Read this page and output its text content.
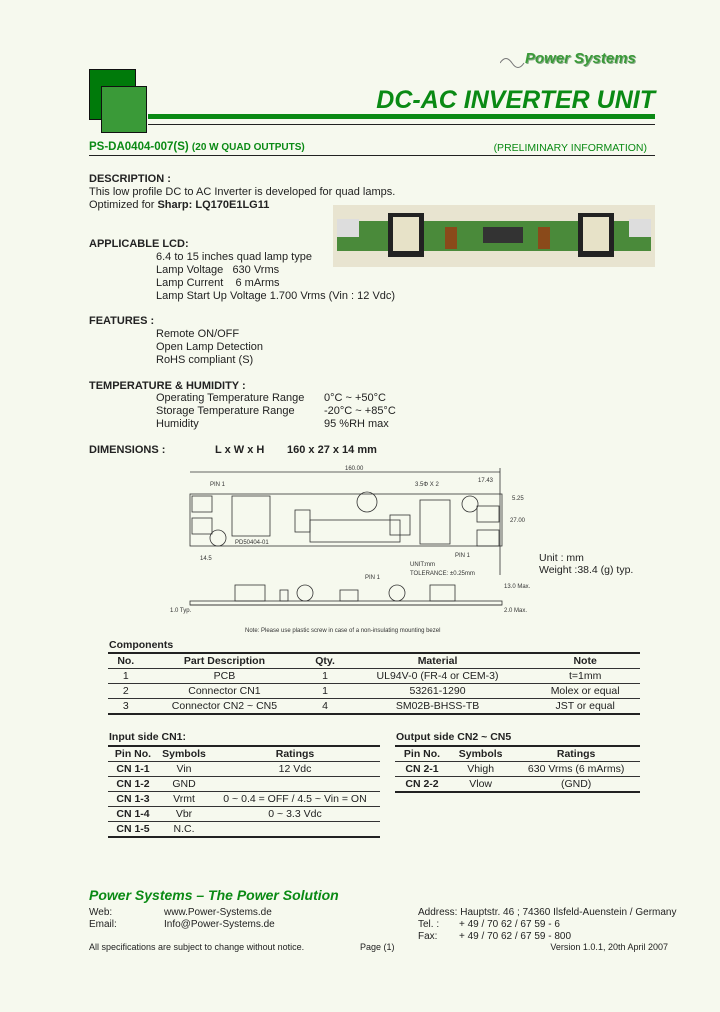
Power Systems
DC-AC INVERTER UNIT
PS-DA0404-007(S) (20 W QUAD OUTPUTS)	(PRELIMINARY INFORMATION)
DESCRIPTION :
This low profile DC to AC Inverter is developed for quad lamps.
Optimized for Sharp: LQ170E1LG11
APPLICABLE LCD:
6.4 to 15 inches quad lamp type
Lamp Voltage   630 Vrms
Lamp Current    6 mArms
Lamp Start Up Voltage 1.700 Vrms (Vin : 12 Vdc)
FEATURES :
Remote ON/OFF
Open Lamp Detection
RoHS compliant (S)
TEMPERATURE & HUMIDITY :
Operating Temperature Range 0°C ~ +50°C
Storage Temperature Range	-20°C ~ +85°C
Humidity	95 %RH max
DIMENSIONS :	L x W x H 160 x 27 x 14 mm
160.00
PIN 1	3.5Φ X 2
27.00
17.43
5.25
14.5
PD50404-01
PIN 1
PIN 1
UNIT:mm
TOLERANCE: ±0.25mm
13.0 Max.
2.0 Max.
1.0 Typ.
Note: Please use plastic screw in case of a non-insulating mounting bezel
Unit : mm
Weight :38.4 (g) typ.
Components
No.	Part Description	Qty.	Material	Note
1	PCB	1	UL94V-0 (FR-4 or CEM-3)	t=1mm
2	Connector CN1	1	53261-1290	Molex or equal
3	Connector CN2 ~ CN5	4	SM02B-BHSS-TB	JST or equal
Input side CN1:
Pin No.	Symbols	Ratings
CN 1-1	Vin	12 Vdc
CN 1-2	GND	
CN 1-3	Vrmt	0 ~ 0.4 = OFF / 4.5 ~ Vin = ON
CN 1-4	Vbr	0 ~ 3.3 Vdc
CN 1-5	N.C.	
Output side CN2 ~ CN5
Pin No.	Symbols	Ratings
CN 2-1	Vhigh	630 Vrms (6 mArms)
CN 2-2	Vlow	(GND)
Power Systems – The Power Solution
Web:	www.Power-Systems.de
Email:	Info@Power-Systems.de
Address: Hauptstr. 46 ; 74360 Ilsfeld-Auenstein / Germany
Tel. : + 49 / 70 62 / 67 59 - 6
Fax: + 49 / 70 62 / 67 59 - 800
All specifications are subject to change without notice.	Page (1)	Version 1.0.1, 20th April 2007
